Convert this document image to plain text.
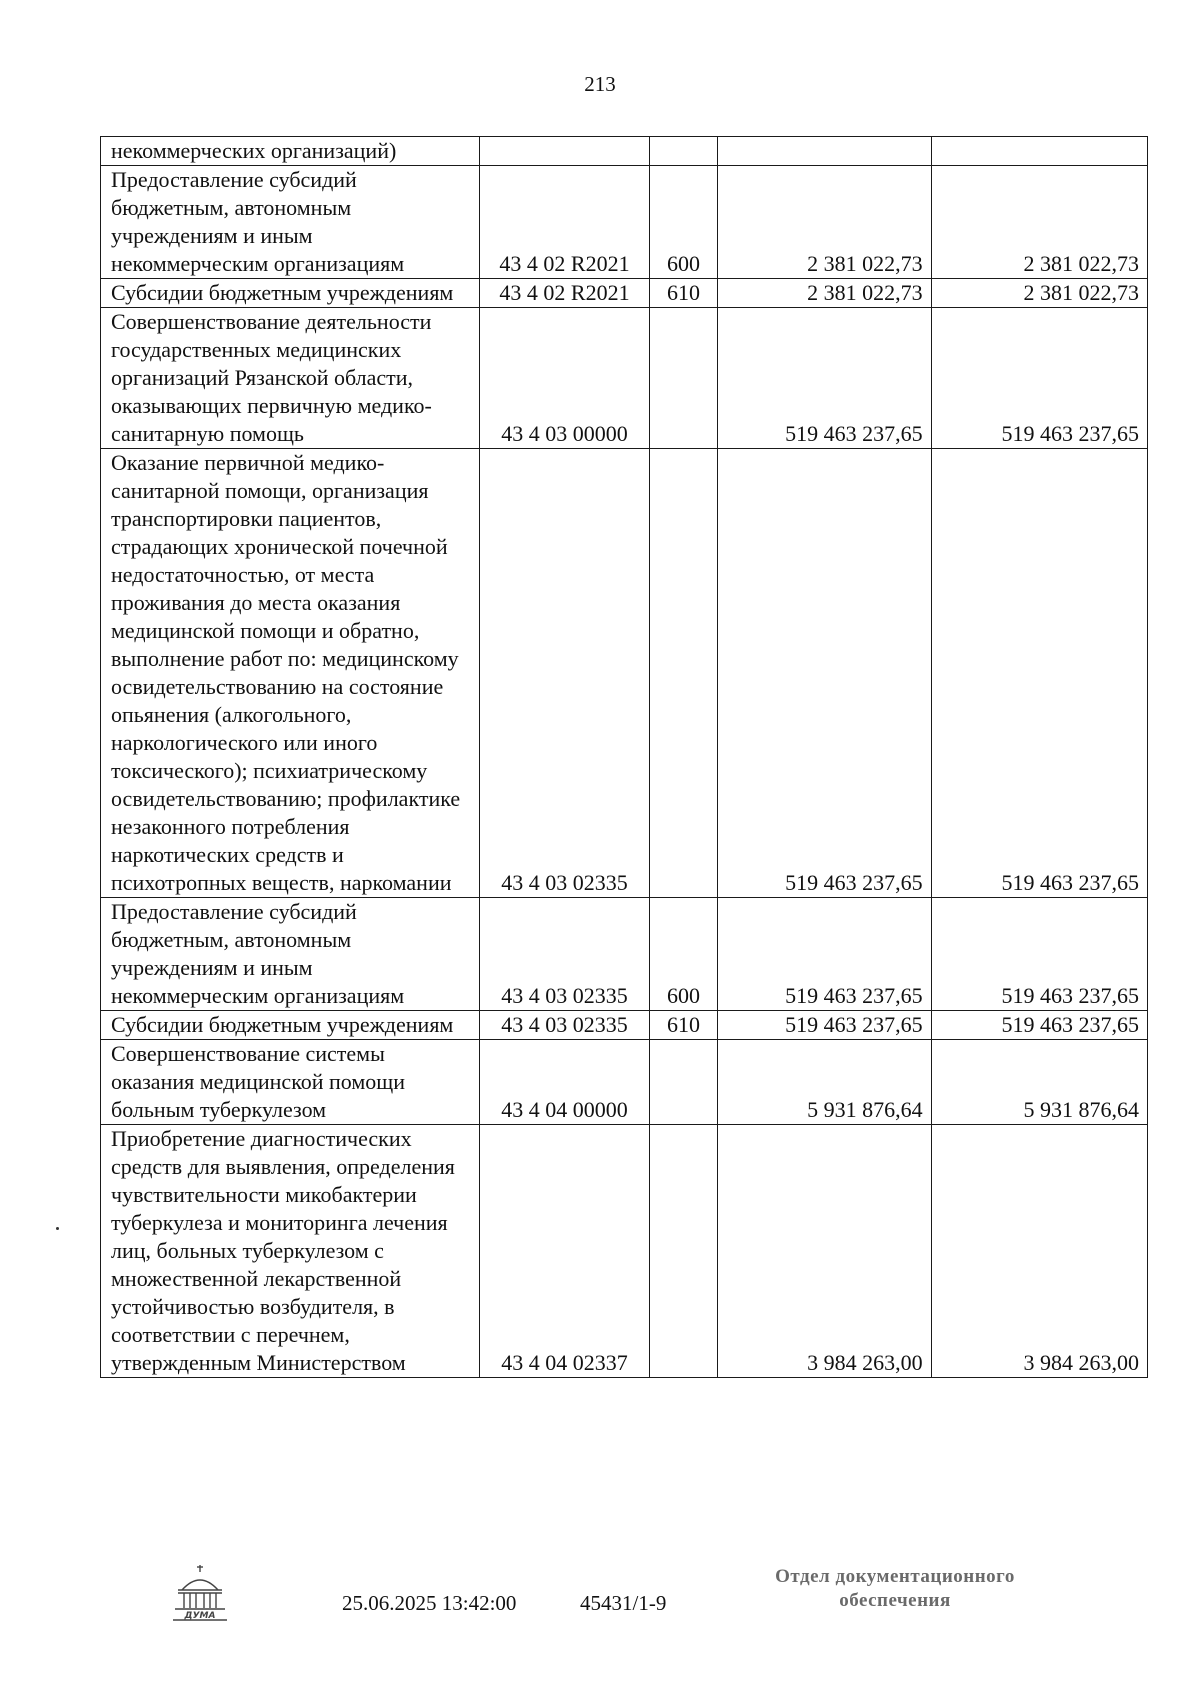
213
некоммерческих организаций)				
Предоставление субсидий бюджетным, автономным учреждениям и иным некоммерческим организациям	43 4 02 R2021	600	2 381 022,73	2 381 022,73
Субсидии бюджетным учреждениям	43 4 02 R2021	610	2 381 022,73	2 381 022,73
Совершенствование деятельности государственных медицинских организаций Рязанской области, оказывающих первичную медико-санитарную помощь	43 4 03 00000		519 463 237,65	519 463 237,65
Оказание первичной медико-санитарной помощи, организация транспортировки пациентов, страдающих хронической почечной недостаточностью, от места проживания до места оказания медицинской помощи и обратно, выполнение работ по: медицинскому освидетельствованию на состояние опьянения (алкогольного, наркологического или иного токсического); психиатрическому освидетельствованию; профилактике незаконного потребления наркотических средств и психотропных веществ, наркомании	43 4 03 02335		519 463 237,65	519 463 237,65
Предоставление субсидий бюджетным, автономным учреждениям и иным некоммерческим организациям	43 4 03 02335	600	519 463 237,65	519 463 237,65
Субсидии бюджетным учреждениям	43 4 03 02335	610	519 463 237,65	519 463 237,65
Совершенствование системы оказания медицинской помощи больным туберкулезом	43 4 04 00000		5 931 876,64	5 931 876,64
Приобретение диагностических средств для выявления, определения чувствительности микобактерии туберкулеза и мониторинга лечения лиц, больных туберкулезом с множественной лекарственной устойчивостью возбудителя, в соответствии с перечнем, утвержденным Министерством	43 4 04 02337		3 984 263,00	3 984 263,00
ДУМА
25.06.2025 13:42:00	45431/1-9
Отдел документационного
обеспечения
